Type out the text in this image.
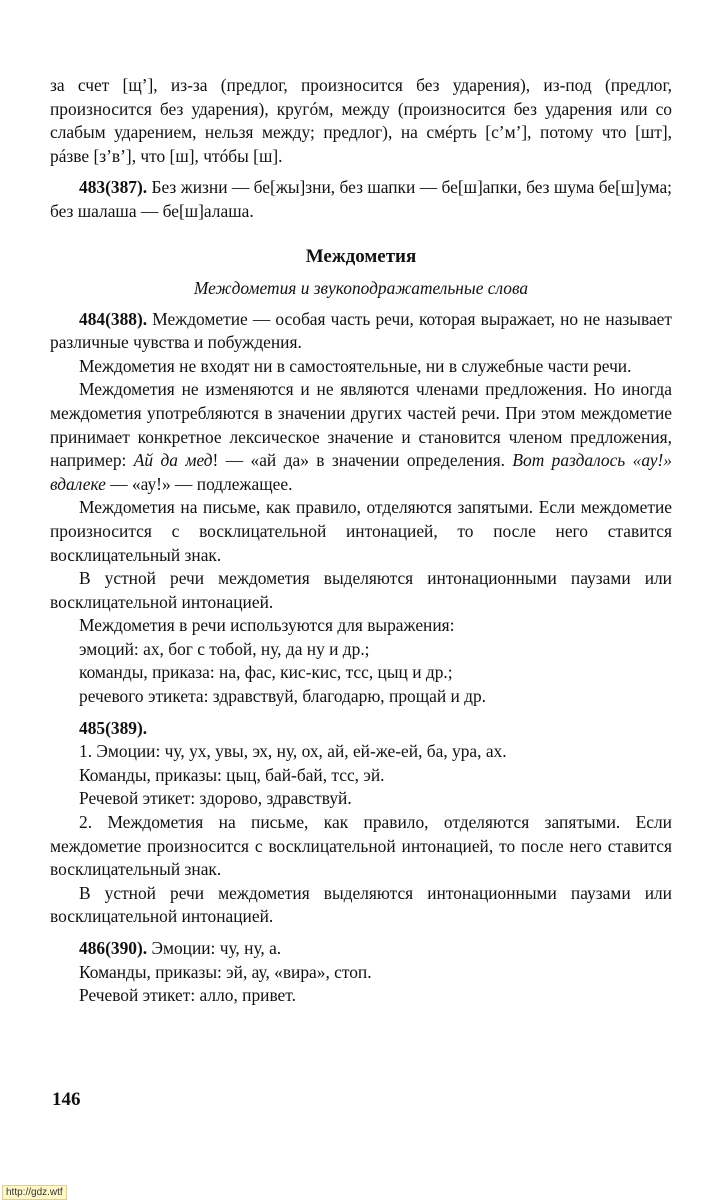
за счет [щ’], из-за (предлог, произносится без ударения), из-под (предлог, произносится без ударения), кругóм, между (произносится без ударения или со слабым ударением, нельзя между; предлог), на смéрть [с’м’], потому что [шт], рáзве [з’в’], что [ш], чтóбы [ш].

483(387). Без жизни — бе[жы]зни, без шапки — бе[ш]апки, без шума бе[ш]ума; без шалаша — бе[ш]алаша.

Междометия

Междометия и звукоподражательные слова

484(388). Междометие — особая часть речи, которая выражает, но не называет различные чувства и побуждения.

Междометия не входят ни в самостоятельные, ни в служебные части речи.

Междометия не изменяются и не являются членами предложения. Но иногда междометия употребляются в значении других частей речи. При этом междометие принимает конкретное лексическое значение и становится членом предложения, например: Ай да мед! — «ай да» в значении определения. Вот раздалось «ау!» вдалеке — «ау!» — подлежащее.

Междометия на письме, как правило, отделяются запятыми. Если междометие произносится с восклицательной интонацией, то после него ставится восклицательный знак.

В устной речи междометия выделяются интонационными паузами или восклицательной интонацией.

Междометия в речи используются для выражения:

эмоций: ах, бог с тобой, ну, да ну и др.;

команды, приказа: на, фас, кис-кис, тсс, цыц и др.;

речевого этикета: здравствуй, благодарю, прощай и др.

485(389).

1. Эмоции: чу, ух, увы, эх, ну, ох, ай, ей-же-ей, ба, ура, ах.

Команды, приказы: цыц, бай-бай, тсс, эй.

Речевой этикет: здорово, здравствуй.

2. Междометия на письме, как правило, отделяются запятыми. Если междометие произносится с восклицательной интонацией, то после него ставится восклицательный знак.

В устной речи междометия выделяются интонационными паузами или восклицательной интонацией.

486(390). Эмоции: чу, ну, а.

Команды, приказы: эй, ау, «вира», стоп.

Речевой этикет: алло, привет.

146
http://gdz.wtf
